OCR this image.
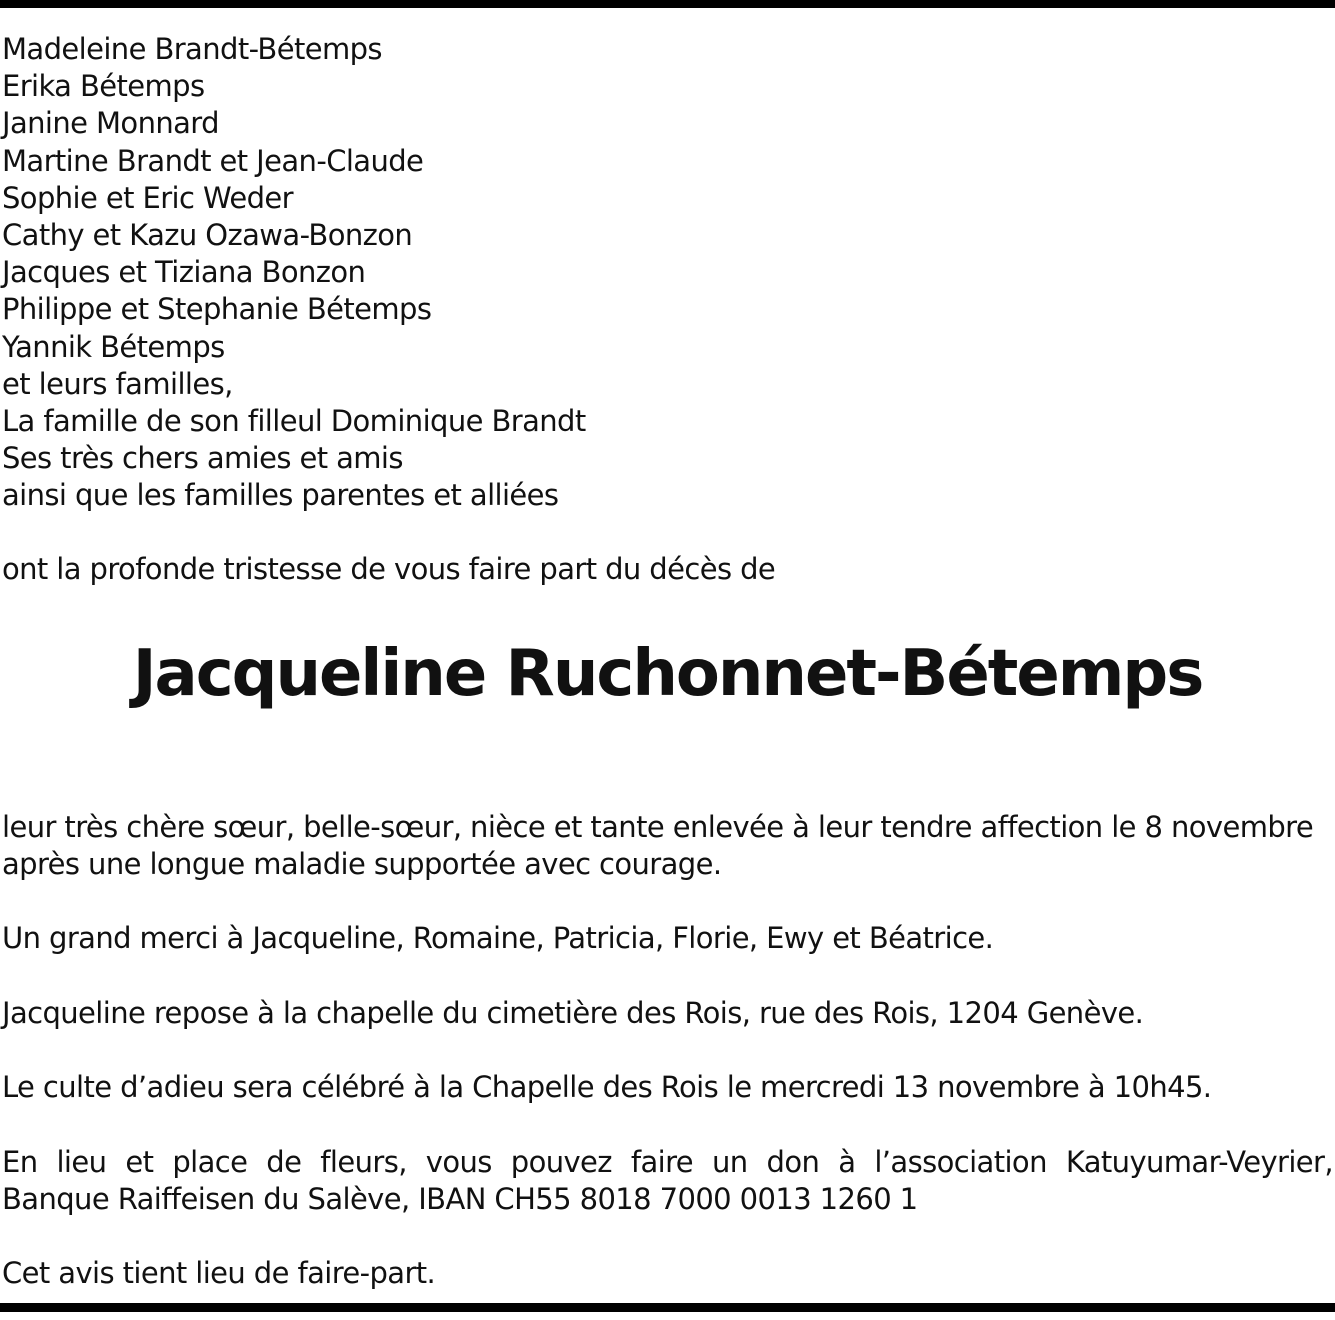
Madeleine Brandt-Bétemps
Erika Bétemps
Janine Monnard
Martine Brandt et Jean-Claude
Sophie et Eric Weder
Cathy et Kazu Ozawa-Bonzon
Jacques et Tiziana Bonzon
Philippe et Stephanie Bétemps
Yannik Bétemps
et leurs familles,
La famille de son filleul Dominique Brandt
Ses très chers amies et amis
ainsi que les familles parentes et alliées

ont la profonde tristesse de vous faire part du décès de

Jacqueline Ruchonnet-Bétemps

leur très chère sœur, belle-sœur, nièce et tante enlevée à leur tendre affection le 8 novembre

après une longue maladie supportée avec courage.

Un grand merci à Jacqueline, Romaine, Patricia, Florie, Ewy et Béatrice.

Jacqueline repose à la chapelle du cimetière des Rois, rue des Rois, 1204 Genève.

Le culte d’adieu sera célébré à la Chapelle des Rois le mercredi 13 novembre à 10h45.

En lieu et place de fleurs, vous pouvez faire un don à l’association Katuyumar-Veyrier,

Banque Raiffeisen du Salève, IBAN CH55 8018 7000 0013 1260 1

Cet avis tient lieu de faire-part.
